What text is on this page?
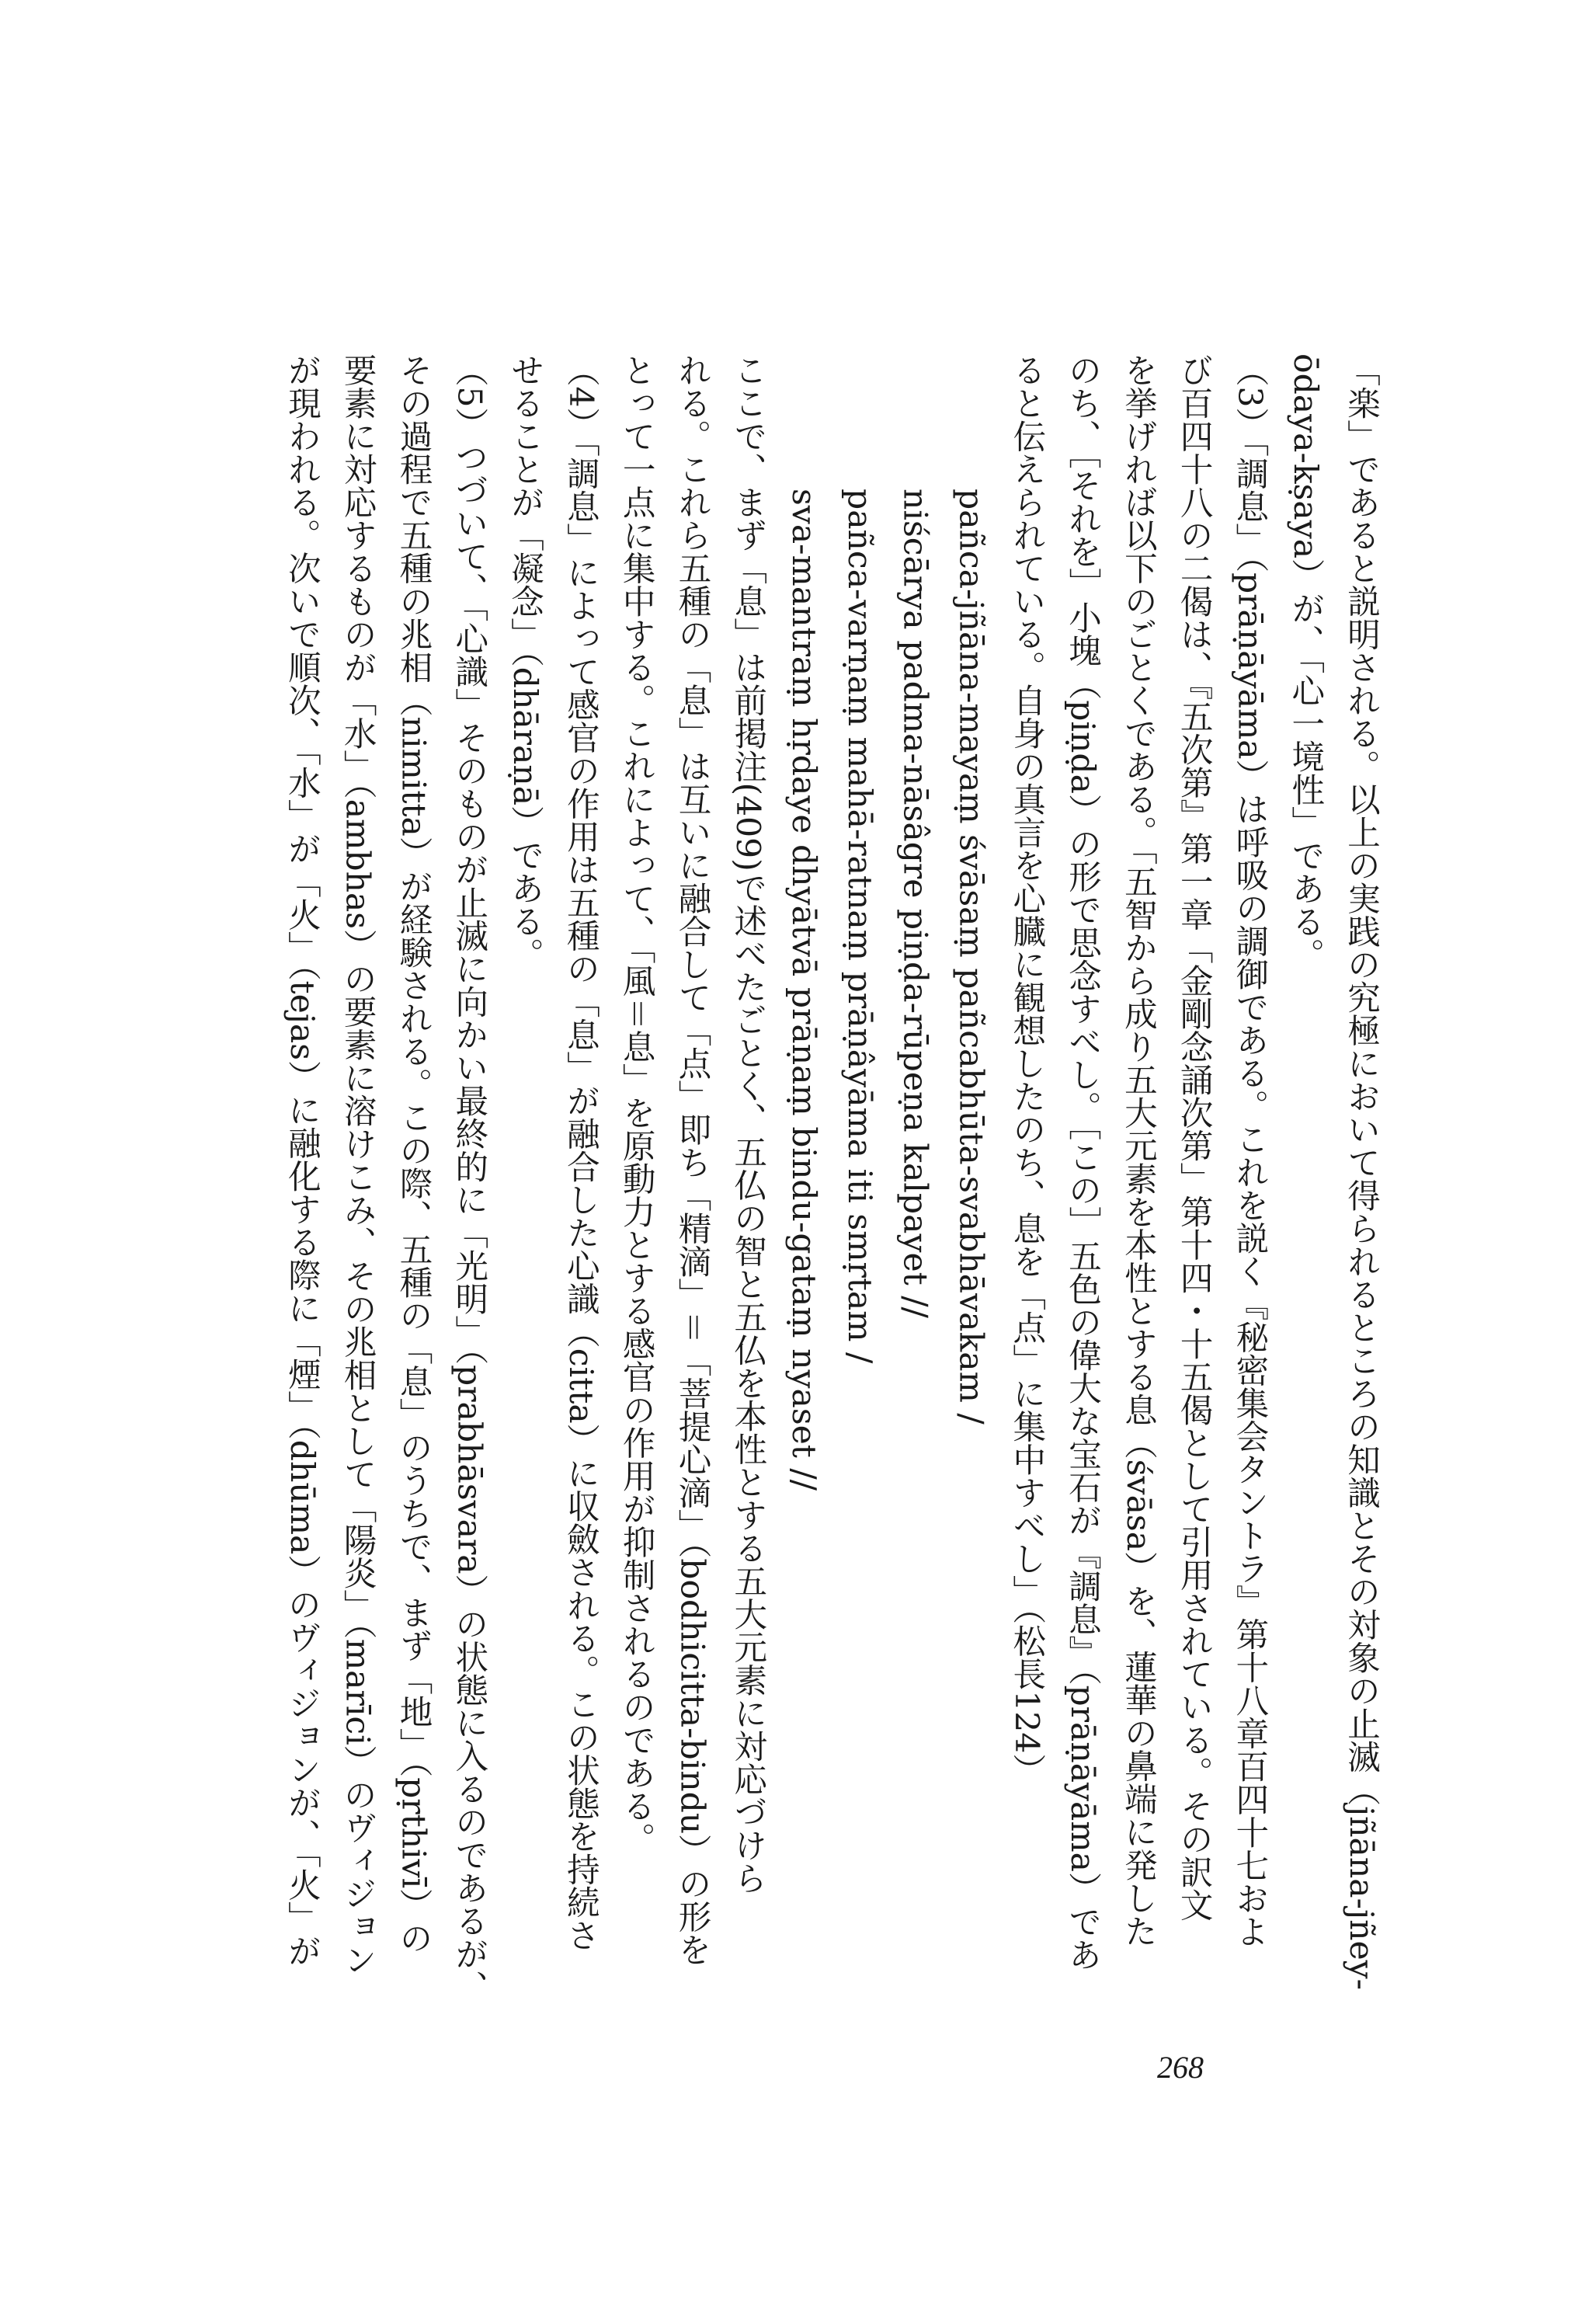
「楽」であると説明される。以上の実践の究極において得られるところの知識とその対象の止滅（jñāna-jñey-

ōdaya-kṣaya）が、「心一境性」である。

（3）「調息」（prāṇāyāma）は呼吸の調御である。これを説く『秘密集会タントラ』第十八章百四十七およ

び百四十八の二偈は、『五次第』第一章「金剛念誦次第」第十四・十五偈として引用されている。その訳文

を挙げれば以下のごとくである。「五智から成り五大元素を本性とする息（śvāsa）を、蓮華の鼻端に発した

のち、［それを］小塊（piṇḍa）の形で思念すべし。［この］五色の偉大な宝石が『調息』（prāṇāyāma）であ

ると伝えられている。自身の真言を心臓に観想したのち、息を「点」に集中すべし」（松長124）

pañca-jñāna-mayaṃ śvāsaṃ pañcabhūta-svabhāvakam /

niścārya padma-nāsâgre piṇḍa-rūpeṇa kalpayet //

pañca-varṇaṃ mahā-ratnaṃ prāṇâyāma iti smṛtam /

sva-mantraṃ hṛdaye dhyātvā prāṇaṃ bindu-gataṃ nyaset //

ここで、まず「息」は前掲注(409)で述べたごとく、五仏の智と五仏を本性とする五大元素に対応づけら

れる。これら五種の「息」は互いに融合して「点」即ち「精滴」＝「菩提心滴」（bodhicitta-bindu）の形を

とって一点に集中する。これによって、「風＝息」を原動力とする感官の作用が抑制されるのである。

（4）「調息」によって感官の作用は五種の「息」が融合した心識（citta）に収斂される。この状態を持続さ

せることが「凝念」（dhāraṇā）である。

（5）つづいて、「心識」そのものが止滅に向かい最終的に「光明」（prabhāsvara）の状態に入るのであるが、

その過程で五種の兆相（nimitta）が経験される。この際、五種の「息」のうちで、まず「地」（pṛthivī）の

要素に対応するものが「水」（ambhas）の要素に溶けこみ、その兆相として「陽炎」（marīci）のヴィジョン

が現われる。次いで順次、「水」が「火」（tejas）に融化する際に「煙」（dhūma）のヴィジョンが、「火」が

268
